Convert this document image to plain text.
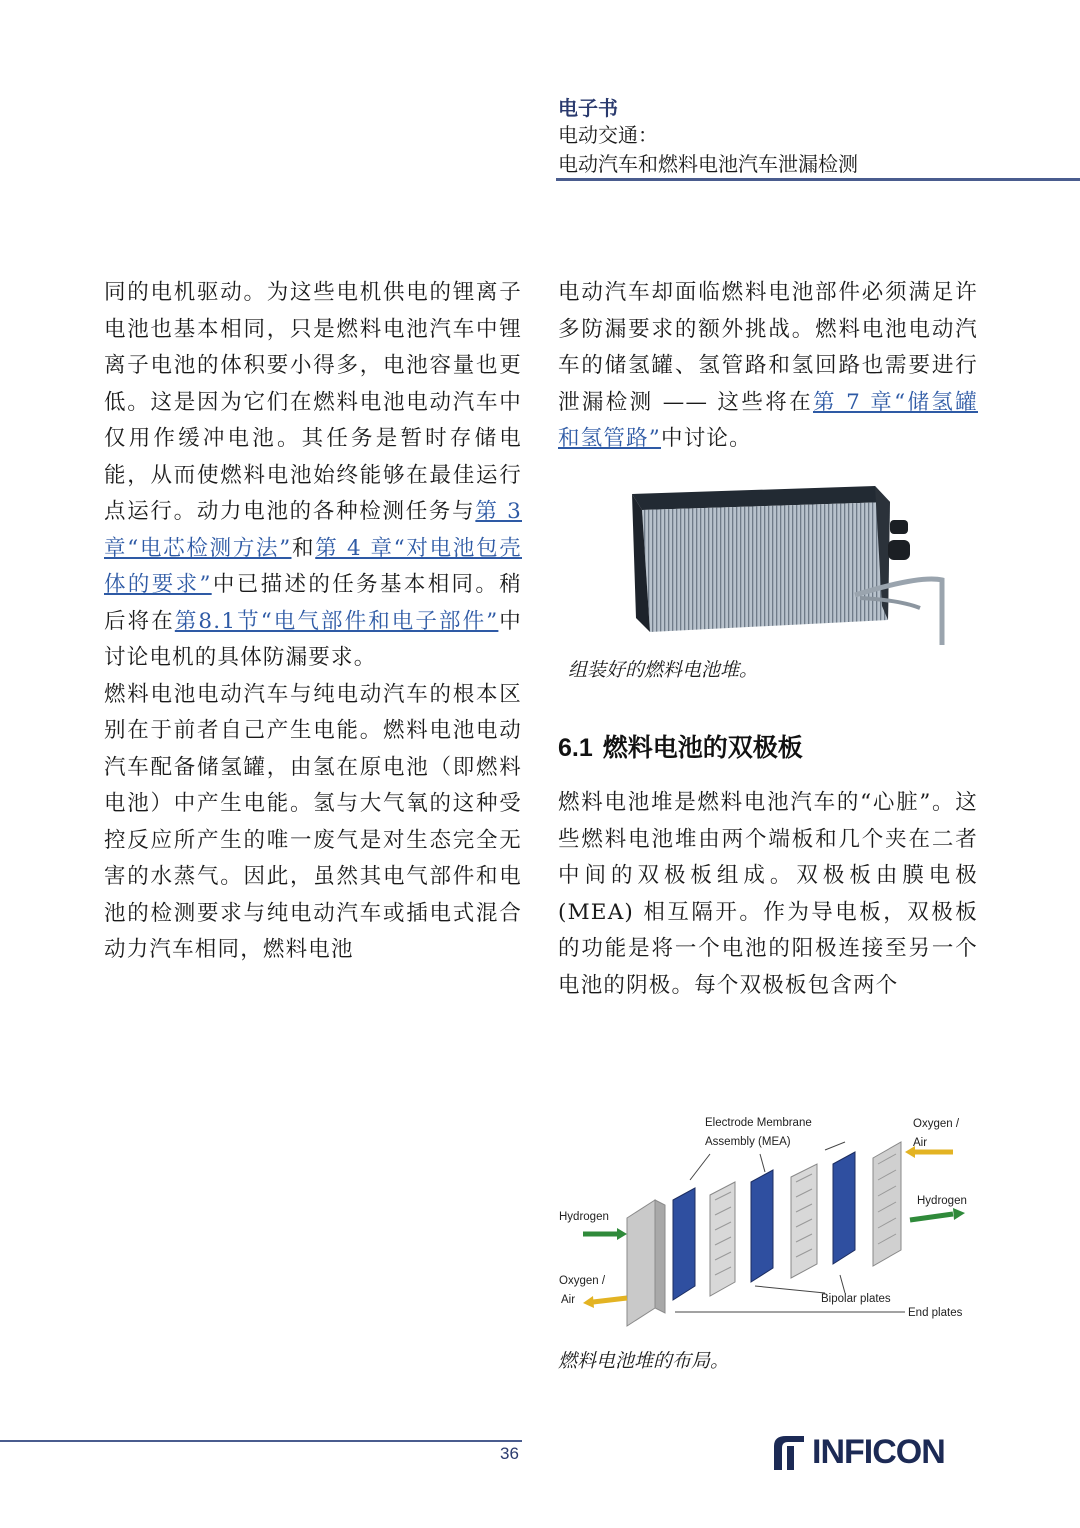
电子书
电动交通：
电动汽车和燃料电池汽车泄漏检测

同的电机驱动。为这些电机供电的锂离子电池也基本相同，只是燃料电池汽车中锂离子电池的体积要小得多，电池容量也更低。这是因为它们在燃料电池电动汽车中仅用作缓冲电池。其任务是暂时存储电能，从而使燃料电池始终能够在最佳运行点运行。动力电池的各种检测任务与第 3 章“电芯检测方法”和第 4 章“对电池包壳体的要求”中已描述的任务基本相同。稍后将在第8.1节“电气部件和电子部件”中讨论电机的具体防漏要求。

燃料电池电动汽车与纯电动汽车的根本区别在于前者自己产生电能。燃料电池电动汽车配备储氢罐，由氢在原电池（即燃料电池）中产生电能。氢与大气氧的这种受控反应所产生的唯一废气是对生态完全无害的水蒸气。因此，虽然其电气部件和电池的检测要求与纯电动汽车或插电式混合动力汽车相同，燃料电池

电动汽车却面临燃料电池部件必须满足许多防漏要求的额外挑战。燃料电池电动汽车的储氢罐、氢管路和氢回路也需要进行泄漏检测 —— 这些将在第 7 章“储氢罐和氢管路”中讨论。

组装好的燃料电池堆。
6.1 燃料电池的双极板

燃料电池堆是燃料电池汽车的“心脏”。这些燃料电池堆由两个端板和几个夹在二者中间的双极板组成。双极板由膜电极 (MEA) 相互隔开。作为导电板，双极板的功能是将一个电池的阳极连接至另一个电池的阴极。每个双极板包含两个

Electrode Membrane
Assembly (MEA)
Oxygen /
Air
Hydrogen
Hydrogen
Oxygen /
Air	Bipolar plates
End plates
燃料电池堆的布局。
36	INFICON
